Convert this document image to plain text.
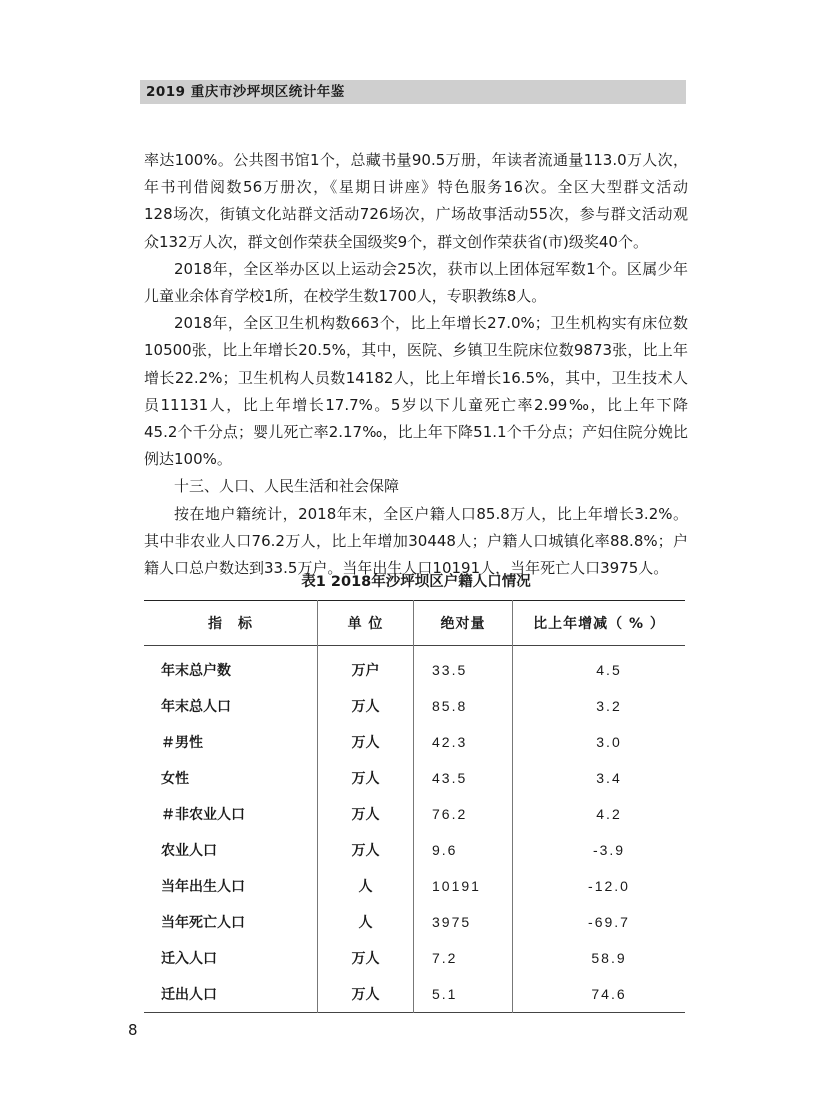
2019 重庆市沙坪坝区统计年鉴

率达100%。公共图书馆1个，总藏书量90.5万册，年读者流通量113.0万人次，
年书刊借阅数56万册次，《星期日讲座》特色服务16次。全区大型群文活动
128场次，街镇文化站群文活动726场次，广场故事活动55次，参与群文活动观
众132万人次，群文创作荣获全国级奖9个，群文创作荣获省(市)级奖40个。

2018年，全区举办区以上运动会25次，获市以上团体冠军数1个。区属少年
儿童业余体育学校1所，在校学生数1700人，专职教练8人。

2018年，全区卫生机构数663个，比上年增长27.0%；卫生机构实有床位数
10500张，比上年增长20.5%，其中，医院、乡镇卫生院床位数9873张，比上年
增长22.2%；卫生机构人员数14182人，比上年增长16.5%，其中，卫生技术人
员11131人，比上年增长17.7%。5岁以下儿童死亡率2.99‰，比上年下降
45.2个千分点；婴儿死亡率2.17‰，比上年下降51.1个千分点；产妇住院分娩比
例达100%。

十三、人口、人民生活和社会保障

按在地户籍统计，2018年末，全区户籍人口85.8万人，比上年增长3.2%。
其中非农业人口76.2万人，比上年增加30448人；户籍人口城镇化率88.8%；户
籍人口总户数达到33.5万户。当年出生人口10191人，当年死亡人口3975人。

表1 2018年沙坪坝区户籍人口情况
指　标	单 位	绝对量	比上年增减（ % ）
年末总户数	万户	33.5	4.5
年末总人口	万人	85.8	3.2
＃男性	万人	42.3	3.0
女性	万人	43.5	3.4
＃非农业人口	万人	76.2	4.2
农业人口	万人	9.6	-3.9
当年出生人口	人	10191	-12.0
当年死亡人口	人	3975	-69.7
迁入人口	万人	7.2	58.9
迁出人口	万人	5.1	74.6
8
